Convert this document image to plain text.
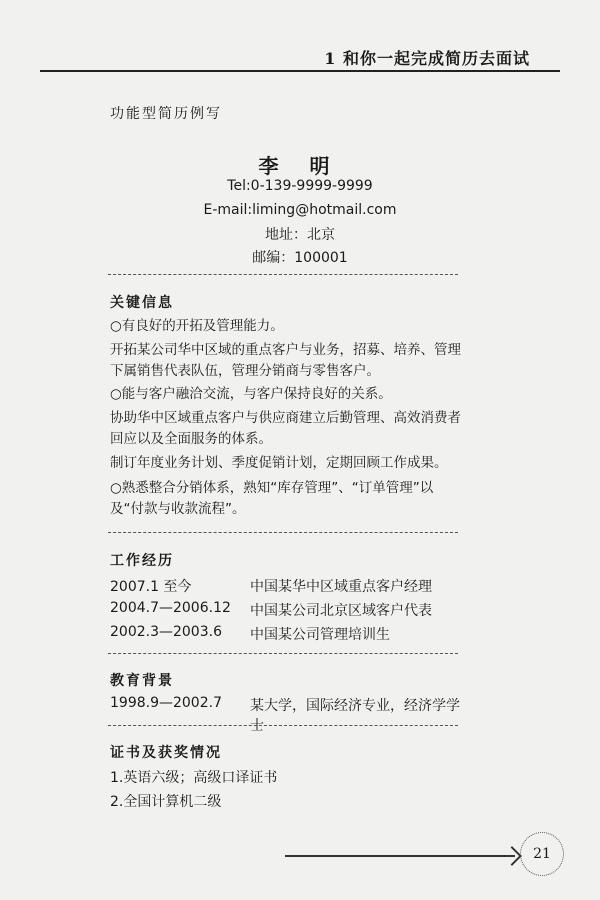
1 和你一起完成简历去面试
功能型简历例写
李 明
Tel:0-139-9999-9999
E-mail:liming@hotmail.com
地址：北京
邮编：100001
关键信息
○有良好的开拓及管理能力。
开拓某公司华中区域的重点客户与业务，招募、培养、管理下属销售代表队伍，管理分销商与零售客户。
○能与客户融洽交流，与客户保持良好的关系。
协助华中区域重点客户与供应商建立后勤管理、高效消费者回应以及全面服务的体系。
制订年度业务计划、季度促销计划，定期回顾工作成果。
○熟悉整合分销体系，熟知“库存管理”、“订单管理”以及“付款与收款流程”。
工作经历
2007.1 至今	中国某华中区域重点客户经理
2004.7—2006.12 中国某公司北京区域客户代表
2002.3—2003.6 中国某公司管理培训生
教育背景
1998.9—2002.7 某大学，国际经济专业，经济学学士
证书及获奖情况
1.英语六级；高级口译证书
2.全国计算机二级
21
